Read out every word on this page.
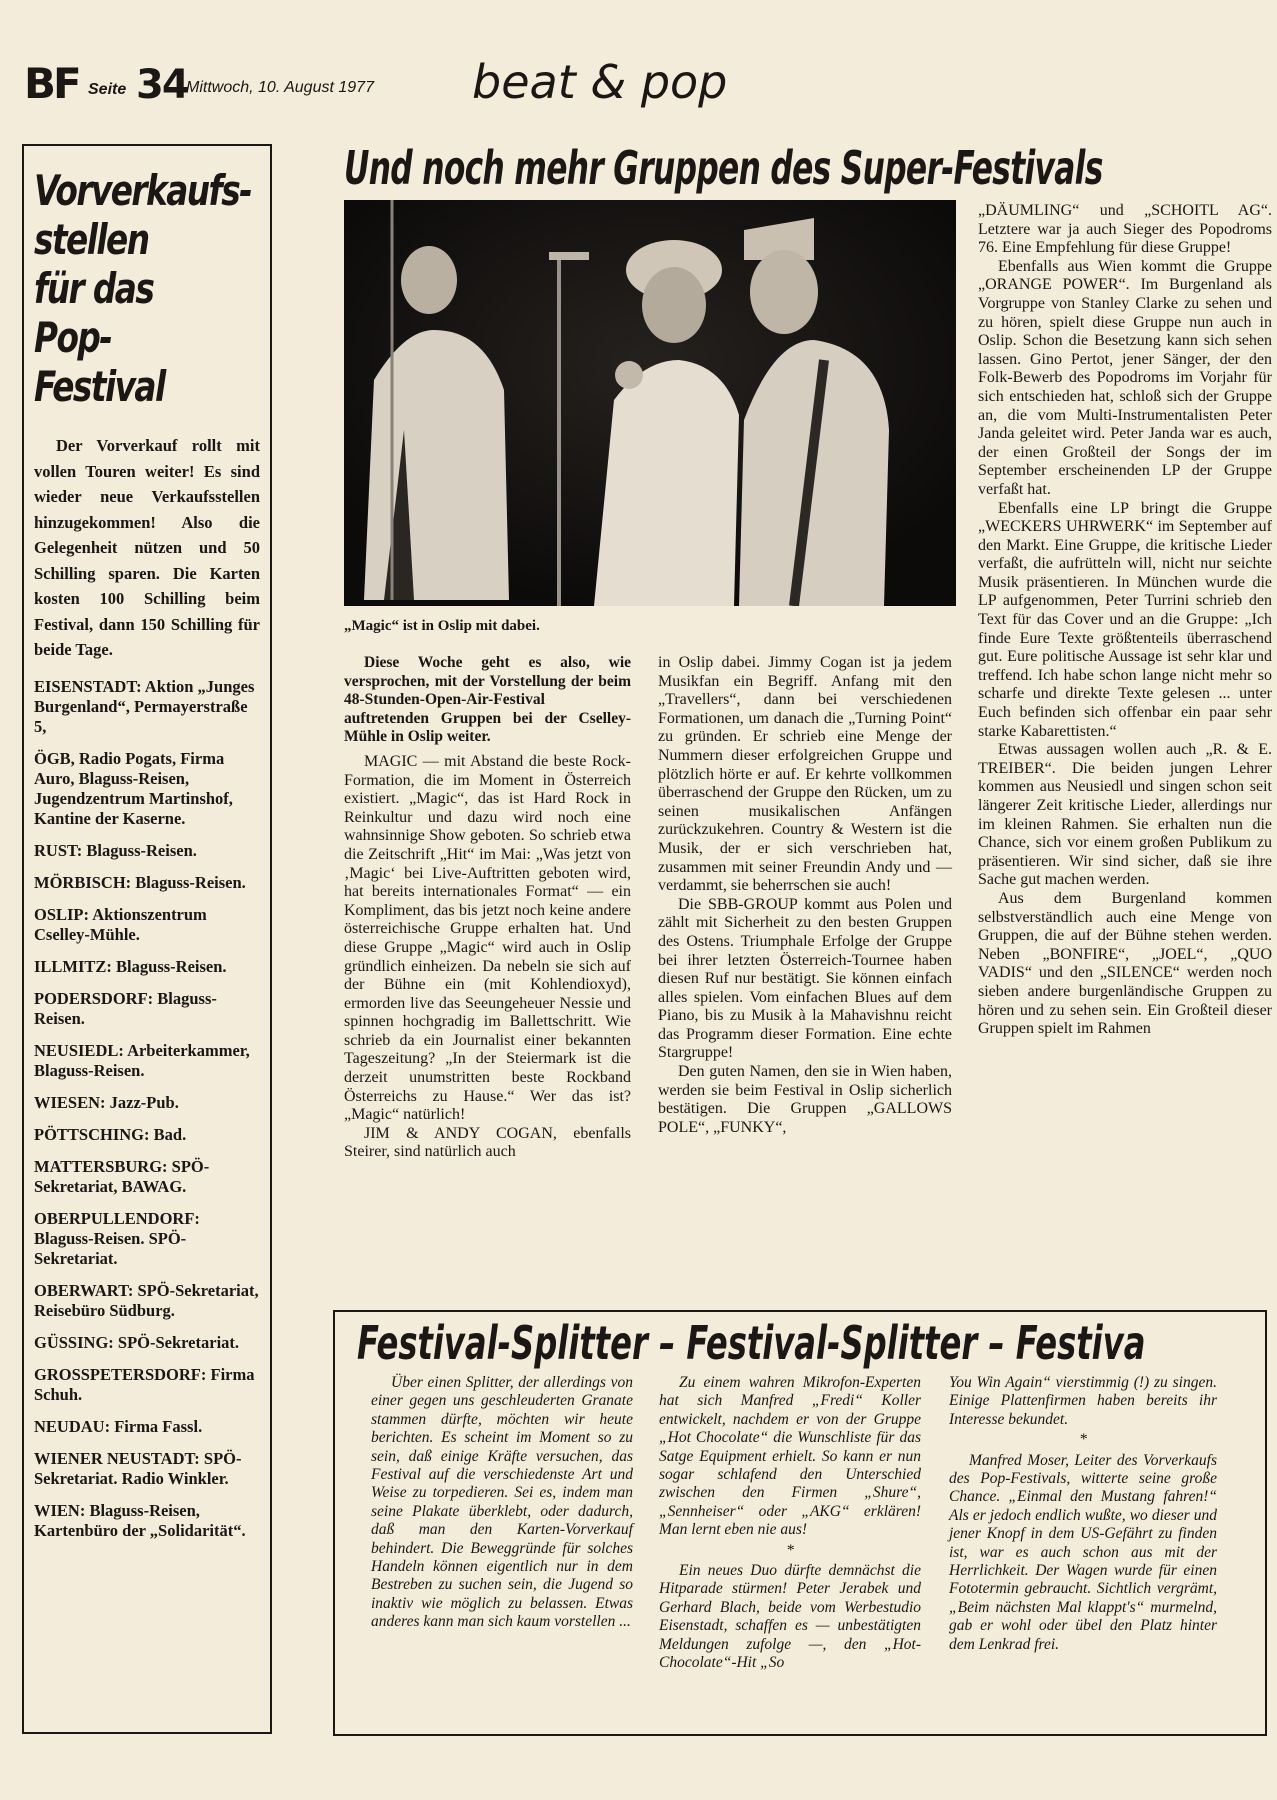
BF Seite 34
Mittwoch, 10. August 1977 beat & pop
Vorverkaufs-
stellen
für das
Pop-Festival

Der Vorverkauf rollt mit vollen Touren weiter! Es sind wieder neue Verkaufsstellen hinzugekommen! Also die Gelegenheit nützen und 50 Schilling sparen. Die Karten kosten 100 Schilling beim Festival, dann 150 Schilling für beide Tage.

EISENSTADT: Aktion „Junges Burgenland“, Permayerstraße 5,

ÖGB, Radio Pogats, Firma Auro, Blaguss-Reisen, Jugendzentrum Martinshof, Kantine der Kaserne.

RUST: Blaguss-Reisen.

MÖRBISCH: Blaguss-Reisen.

OSLIP: Aktionszentrum Cselley-Mühle.

ILLMITZ: Blaguss-Reisen.

PODERSDORF: Blaguss-Reisen.

NEUSIEDL: Arbeiterkammer, Blaguss-Reisen.

WIESEN: Jazz-Pub.

PÖTTSCHING: Bad.

MATTERSBURG: SPÖ-Sekretariat, BAWAG.

OBERPULLENDORF: Blaguss-Reisen. SPÖ-Sekretariat.

OBERWART: SPÖ-Sekretariat, Reisebüro Südburg.

GÜSSING: SPÖ-Sekretariat.

GROSSPETERSDORF: Firma Schuh.

NEUDAU: Firma Fassl.

WIENER NEUSTADT: SPÖ-Sekretariat. Radio Winkler.

WIEN: Blaguss-Reisen, Kartenbüro der „Solidarität“.

Und noch mehr Gruppen des Super-Festivals
„Magic“ ist in Oslip mit dabei.

Diese Woche geht es also, wie versprochen, mit der Vorstellung der beim 48-Stunden-Open-Air-Festival auftretenden Gruppen bei der Cselley-Mühle in Oslip weiter.

MAGIC — mit Abstand die beste Rock-Formation, die im Moment in Österreich existiert. „Magic“, das ist Hard Rock in Reinkultur und dazu wird noch eine wahnsinnige Show geboten. So schrieb etwa die Zeitschrift „Hit“ im Mai: „Was jetzt von ‚Magic‘ bei Live-Auftritten geboten wird, hat bereits internationales Format“ — ein Kompliment, das bis jetzt noch keine andere österreichische Gruppe erhalten hat. Und diese Gruppe „Magic“ wird auch in Oslip gründlich einheizen. Da nebeln sie sich auf der Bühne ein (mit Kohlendioxyd), ermorden live das Seeungeheuer Nessie und spinnen hochgradig im Ballettschritt. Wie schrieb da ein Journalist einer bekannten Tageszeitung? „In der Steiermark ist die derzeit unumstritten beste Rockband Österreichs zu Hause.“ Wer das ist? „Magic“ natürlich!

JIM & ANDY COGAN, ebenfalls Steirer, sind natürlich auch

in Oslip dabei. Jimmy Cogan ist ja jedem Musikfan ein Begriff. Anfang mit den „Travellers“, dann bei verschiedenen Formationen, um danach die „Turning Point“ zu gründen. Er schrieb eine Menge der Nummern dieser erfolgreichen Gruppe und plötzlich hörte er auf. Er kehrte vollkommen überraschend der Gruppe den Rücken, um zu seinen musikalischen Anfängen zurückzukehren. Country & Western ist die Musik, der er sich verschrieben hat, zusammen mit seiner Freundin Andy und — verdammt, sie beherrschen sie auch!

Die SBB-GROUP kommt aus Polen und zählt mit Sicherheit zu den besten Gruppen des Ostens. Triumphale Erfolge der Gruppe bei ihrer letzten Österreich-Tournee haben diesen Ruf nur bestätigt. Sie können einfach alles spielen. Vom einfachen Blues auf dem Piano, bis zu Musik à la Mahavishnu reicht das Programm dieser Formation. Eine echte Stargruppe!

Den guten Namen, den sie in Wien haben, werden sie beim Festival in Oslip sicherlich bestätigen. Die Gruppen „GALLOWS POLE“, „FUNKY“,

„DÄUMLING“ und „SCHOITL AG“. Letztere war ja auch Sieger des Popodroms 76. Eine Empfehlung für diese Gruppe!

Ebenfalls aus Wien kommt die Gruppe „ORANGE POWER“. Im Burgenland als Vorgruppe von Stanley Clarke zu sehen und zu hören, spielt diese Gruppe nun auch in Oslip. Schon die Besetzung kann sich sehen lassen. Gino Pertot, jener Sänger, der den Folk-Bewerb des Popodroms im Vorjahr für sich entschieden hat, schloß sich der Gruppe an, die vom Multi-Instrumentalisten Peter Janda geleitet wird. Peter Janda war es auch, der einen Großteil der Songs der im September erscheinenden LP der Gruppe verfaßt hat.

Ebenfalls eine LP bringt die Gruppe „WECKERS UHRWERK“ im September auf den Markt. Eine Gruppe, die kritische Lieder verfaßt, die aufrütteln will, nicht nur seichte Musik präsentieren. In München wurde die LP aufgenommen, Peter Turrini schrieb den Text für das Cover und an die Gruppe: „Ich finde Eure Texte größtenteils überraschend gut. Eure politische Aussage ist sehr klar und treffend. Ich habe schon lange nicht mehr so scharfe und direkte Texte gelesen ... unter Euch befinden sich offenbar ein paar sehr starke Kabarettisten.“

Etwas aussagen wollen auch „R. & E. TREIBER“. Die beiden jungen Lehrer kommen aus Neusiedl und singen schon seit längerer Zeit kritische Lieder, allerdings nur im kleinen Rahmen. Sie erhalten nun die Chance, sich vor einem großen Publikum zu präsentieren. Wir sind sicher, daß sie ihre Sache gut machen werden.

Aus dem Burgenland kommen selbstverständlich auch eine Menge von Gruppen, die auf der Bühne stehen werden. Neben „BONFIRE“, „JOEL“, „QUO VADIS“ und den „SILENCE“ werden noch sieben andere burgenländische Gruppen zu hören und zu sehen sein. Ein Großteil dieser Gruppen spielt im Rahmen

Festival-Splitter – Festival-Splitter – Festiva

Über einen Splitter, der allerdings von einer gegen uns geschleuderten Granate stammen dürfte, möchten wir heute berichten. Es scheint im Moment so zu sein, daß einige Kräfte versuchen, das Festival auf die verschiedenste Art und Weise zu torpedieren. Sei es, indem man seine Plakate überklebt, oder dadurch, daß man den Karten-Vorverkauf behindert. Die Beweggründe für solches Handeln können eigentlich nur in dem Bestreben zu suchen sein, die Jugend so inaktiv wie möglich zu belassen. Etwas anderes kann man sich kaum vorstellen ...

Zu einem wahren Mikrofon-Experten hat sich Manfred „Fredi“ Koller entwickelt, nachdem er von der Gruppe „Hot Chocolate“ die Wunschliste für das Satge Equipment erhielt. So kann er nun sogar schlafend den Unterschied zwischen den Firmen „Shure“, „Sennheiser“ oder „AKG“ erklären! Man lernt eben nie aus!

*

Ein neues Duo dürfte demnächst die Hitparade stürmen! Peter Jerabek und Gerhard Blach, beide vom Werbestudio Eisenstadt, schaffen es — unbestätigten Meldungen zufolge —, den „Hot-Chocolate“-Hit „So

You Win Again“ vierstimmig (!) zu singen. Einige Plattenfirmen haben bereits ihr Interesse bekundet.

*

Manfred Moser, Leiter des Vorverkaufs des Pop-Festivals, witterte seine große Chance. „Einmal den Mustang fahren!“ Als er jedoch endlich wußte, wo dieser und jener Knopf in dem US-Gefährt zu finden ist, war es auch schon aus mit der Herrlichkeit. Der Wagen wurde für einen Fototermin gebraucht. Sichtlich vergrämt, „Beim nächsten Mal klappt's“ murmelnd, gab er wohl oder übel den Platz hinter dem Lenkrad frei.
